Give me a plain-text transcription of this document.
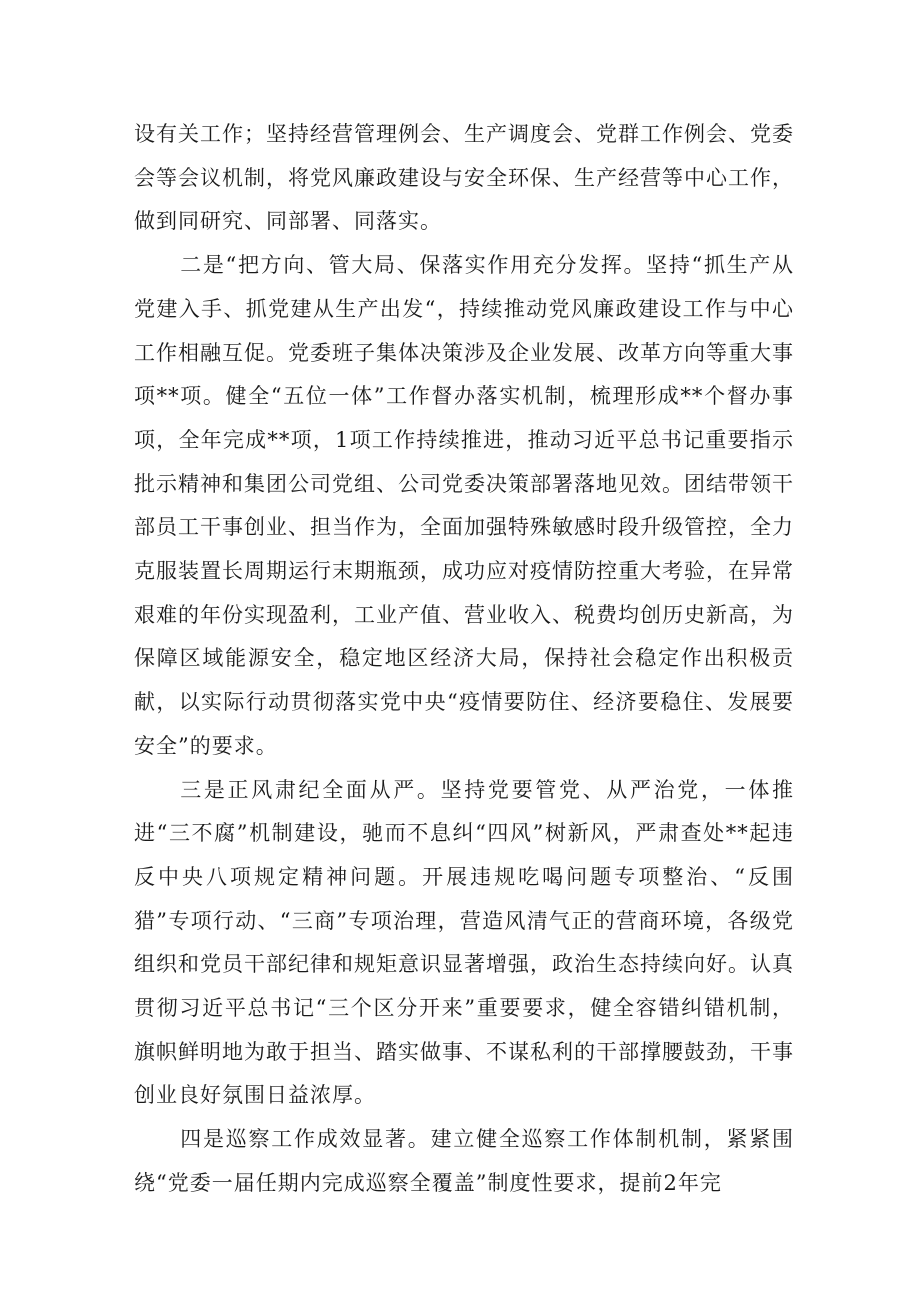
设有关工作；坚持经营管理例会、生产调度会、党群工作例会、党委会等会议机制，将党风廉政建设与安全环保、生产经营等中心工作，做到同研究、同部署、同落实。

二是“把方向、管大局、保落实作用充分发挥。坚持“抓生产从党建入手、抓党建从生产出发“，持续推动党风廉政建设工作与中心工作相融互促。党委班子集体决策涉及企业发展、改革方向等重大事项**项。健全“五位一体”工作督办落实机制，梳理形成**个督办事项，全年完成**项，1项工作持续推进，推动习近平总书记重要指示批示精神和集团公司党组、公司党委决策部署落地见效。团结带领干部员工干事创业、担当作为，全面加强特殊敏感时段升级管控，全力克服装置长周期运行末期瓶颈，成功应对疫情防控重大考验，在异常艰难的年份实现盈利，工业产值、营业收入、税费均创历史新高，为保障区域能源安全，稳定地区经济大局，保持社会稳定作出积极贡献，以实际行动贯彻落实党中央“疫情要防住、经济要稳住、发展要安全”的要求。

三是正风肃纪全面从严。坚持党要管党、从严治党，一体推进“三不腐”机制建设，驰而不息纠“四风”树新风，严肃查处**起违反中央八项规定精神问题。开展违规吃喝问题专项整治、“反围猎”专项行动、“三商”专项治理，营造风清气正的营商环境，各级党组织和党员干部纪律和规矩意识显著增强，政治生态持续向好。认真贯彻习近平总书记“三个区分开来”重要要求，健全容错纠错机制，旗帜鲜明地为敢于担当、踏实做事、不谋私利的干部撑腰鼓劲，干事创业良好氛围日益浓厚。

四是巡察工作成效显著。建立健全巡察工作体制机制，紧紧围绕“党委一届任期内完成巡察全覆盖”制度性要求，提前2年完
